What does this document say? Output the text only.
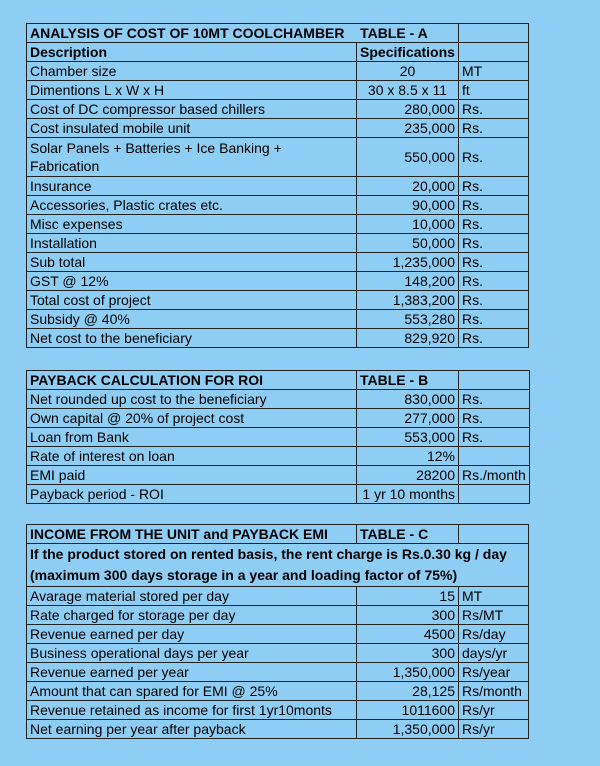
ANALYSIS OF COST OF 10MT COOLCHAMBER TABLE - A		
Description	Specifications	
Chamber size	20	MT
Dimentions L x W x H	30 x 8.5 x 11	ft
Cost of DC compressor based chillers	280,000	Rs.
Cost insulated mobile unit	235,000	Rs.
Solar Panels + Batteries + Ice Banking + Fabrication	550,000	Rs.
Insurance	20,000	Rs.
Accessories, Plastic crates etc.	90,000	Rs.
Misc expenses	10,000	Rs.
Installation	50,000	Rs.
Sub total	1,235,000	Rs.
GST @ 12%	148,200	Rs.
Total cost of project	1,383,200	Rs.
Subsidy @ 40%	553,280	Rs.
Net cost to the beneficiary	829,920	Rs.
PAYBACK CALCULATION FOR ROI	TABLE - B	
Net rounded up cost to the beneficiary	830,000	Rs.
Own capital @ 20% of project cost	277,000	Rs.
Loan from Bank	553,000	Rs.
Rate of interest on loan	12%	
EMI paid	28200	Rs./month
Payback period - ROI	1 yr 10 months	
INCOME FROM THE UNIT and PAYBACK EMI	TABLE - C	
If the product stored on rented basis, the rent charge is Rs.0.30 kg / day (maximum 300 days storage in a year and loading factor of 75%)		
Avarage material stored per day	15	MT
Rate charged for storage per day	300	Rs/MT
Revenue earned per day	4500	Rs/day
Business operational days per year	300	days/yr
Revenue earned per year	1,350,000	Rs/year
Amount that can spared for EMI @ 25%	28,125	Rs/month
Revenue retained as income for first 1yr10monts	1011600	Rs/yr
Net earning per year after payback	1,350,000	Rs/yr
